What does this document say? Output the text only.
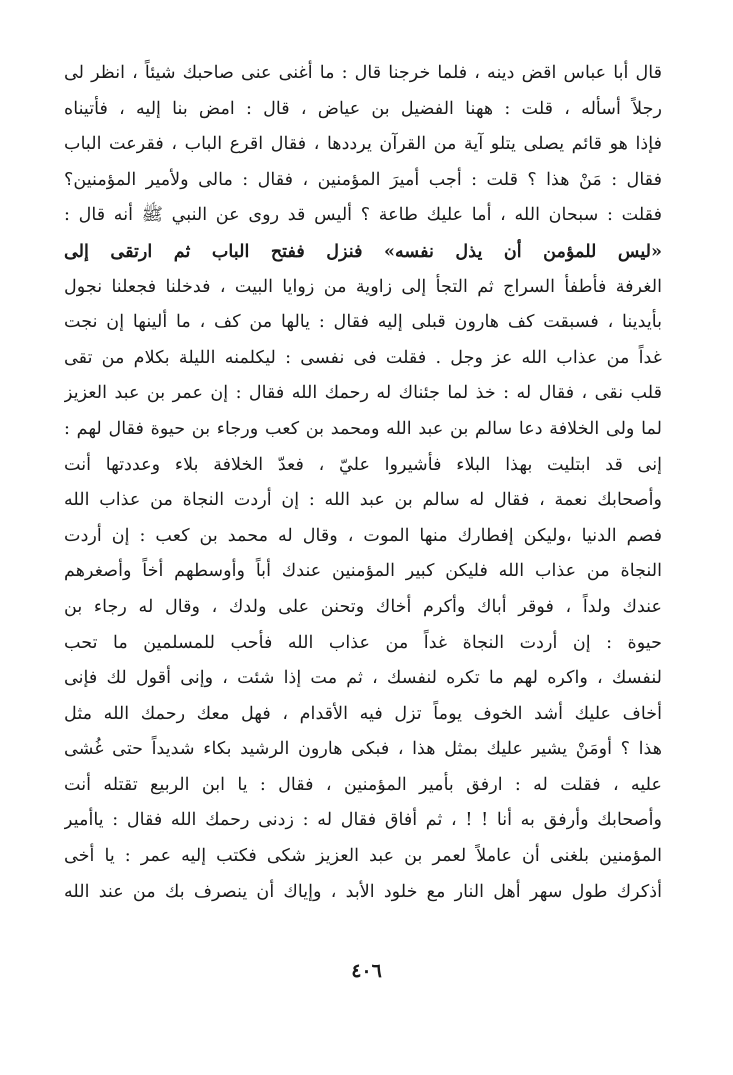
قال أبا عباس اقض دينه ، فلما خرجنا قال : ما أغنى عنى صاحبك شيئاً ، انظر لى
رجلاً أسأله ، قلت : ههنا الفضيل بن عياض ، قال : امض بنا إليه ، فأتيناه
فإذا هو قائم يصلى يتلو آية من القرآن يرددها ، فقال اقرع الباب ، فقرعت الباب
فقال : مَنْ هذا ؟ قلت : أجب أميرَ المؤمنين ، فقال : مالى ولأمير المؤمنين؟
فقلت : سبحان الله ، أما عليك طاعة ؟ أليس قد روى عن النبي ﷺ أنه قال :
«ليس للمؤمن أن يذل نفسه» فنزل ففتح الباب ثم ارتقى إلى
الغرفة فأطفأ السراج ثم التجأ إلى زاوية من زوايا البيت ، فدخلنا فجعلنا نجول
بأيدينا ، فسبقت كف هارون قبلى إليه فقال : يالها من كف ، ما ألينها إن نجت
غداً من عذاب الله عز وجل . فقلت فى نفسى : ليكلمنه الليلة بكلام من تقى
قلب نقى ، فقال له : خذ لما جئناك له رحمك الله فقال : إن عمر بن عبد العزيز
لما ولى الخلافة دعا سالم بن عبد الله ومحمد بن كعب ورجاء بن حيوة فقال لهم :
إنى قد ابتليت بهذا البلاء فأشيروا عليّ ، فعدّ الخلافة بلاء وعددتها أنت
وأصحابك نعمة ، فقال له سالم بن عبد الله : إن أردت النجاة من عذاب الله
فصم الدنيا ،وليكن إفطارك منها الموت ، وقال له محمد بن كعب : إن أردت
النجاة من عذاب الله فليكن كبير المؤمنين عندك أباً وأوسطهم أخاً وأصغرهم
عندك ولداً ، فوقر أباك وأكرم أخاك وتحنن على ولدك ، وقال له رجاء بن
حيوة : إن أردت النجاة غداً من عذاب الله فأحب للمسلمين ما تحب
لنفسك ، واكره لهم ما تكره لنفسك ، ثم مت إذا شئت ، وإنى أقول لك فإنى
أخاف عليك أشد الخوف يوماً تزل فيه الأقدام ، فهل معك رحمك الله مثل
هذا ؟ أومَنْ يشير عليك بمثل هذا ، فبكى هارون الرشيد بكاء شديداً حتى غُشى
عليه ، فقلت له : ارفق بأمير المؤمنين ، فقال : يا ابن الربيع تقتله أنت
وأصحابك وأرفق به أنا ! ! ، ثم أفاق فقال له : زدنى رحمك الله فقال : ياأمير
المؤمنين بلغنى أن عاملاً لعمر بن عبد العزيز شكى فكتب إليه عمر : يا أخى
أذكرك طول سهر أهل النار مع خلود الأبد ، وإياك أن ينصرف بك من عند الله
٤٠٦
